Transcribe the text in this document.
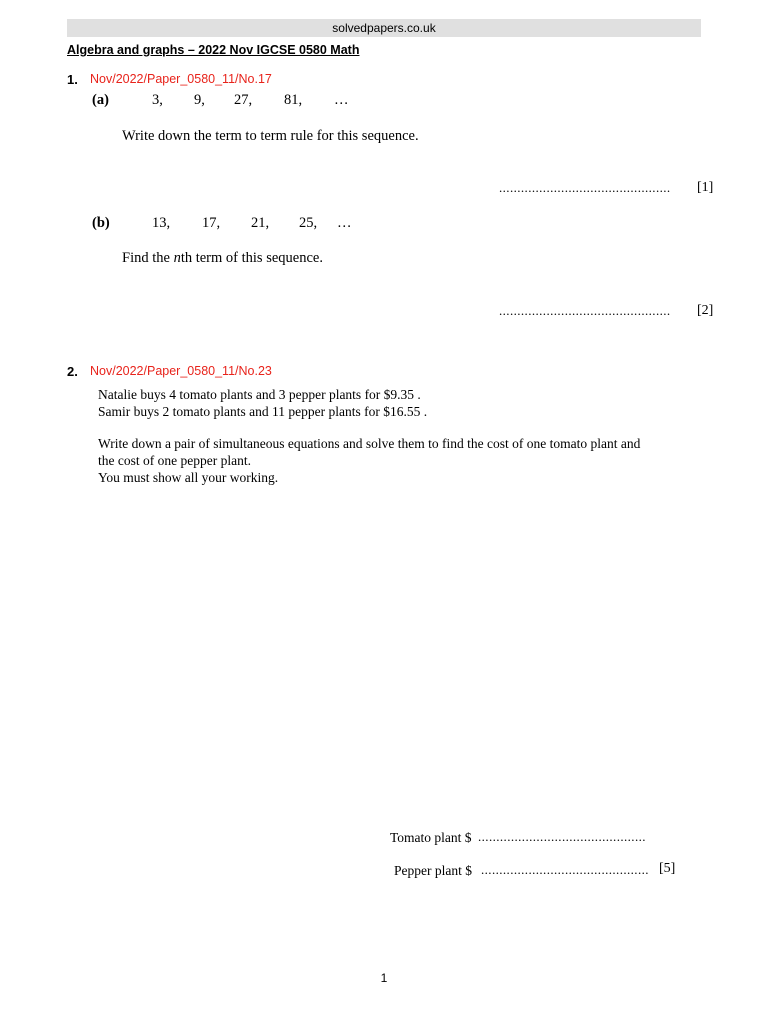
solvedpapers.co.uk
Algebra and graphs – 2022 Nov IGCSE 0580 Math
1. Nov/2022/Paper_0580_11/No.17
(a)	3, 9, 27, 81, …
Write down the term to term rule for this sequence.
............................................... [1]
(b)	13, 17, 21, 25, …
Find the nth term of this sequence.
............................................... [2]
2. Nov/2022/Paper_0580_11/No.23
Natalie buys 4 tomato plants and 3 pepper plants for $9.35 .
Samir buys 2 tomato plants and 11 pepper plants for $16.55 .
Write down a pair of simultaneous equations and solve them to find the cost of one tomato plant and
the cost of one pepper plant.
You must show all your working.
Tomato plant $ ..............................................
Pepper plant $ .............................................. [5]
1
